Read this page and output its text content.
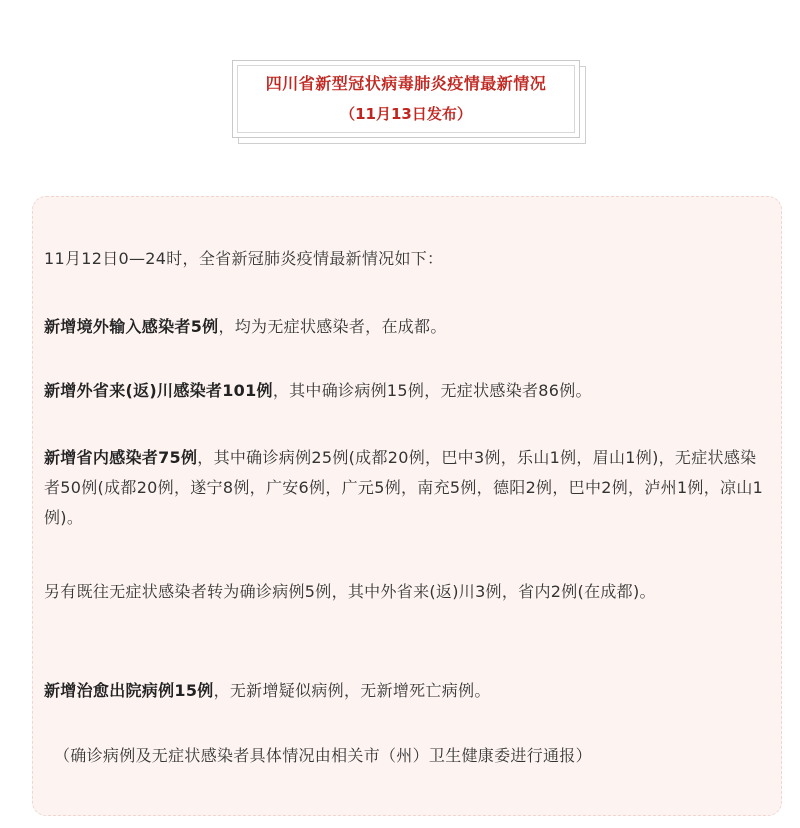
四川省新型冠状病毒肺炎疫情最新情况
（11月13日发布）

11月12日0—24时，全省新冠肺炎疫情最新情况如下：

新增境外输入感染者5例，均为无症状感染者，在成都。

新增外省来(返)川感染者101例，其中确诊病例15例，无症状感染者86例。

新增省内感染者75例，其中确诊病例25例(成都20例，巴中3例，乐山1例，眉山1例)，无症状感染者50例(成都20例，遂宁8例，广安6例，广元5例，南充5例，德阳2例，巴中2例，泸州1例，凉山1例)。

另有既往无症状感染者转为确诊病例5例，其中外省来(返)川3例，省内2例(在成都)。

新增治愈出院病例15例，无新增疑似病例，无新增死亡病例。

（确诊病例及无症状感染者具体情况由相关市（州）卫生健康委进行通报）
